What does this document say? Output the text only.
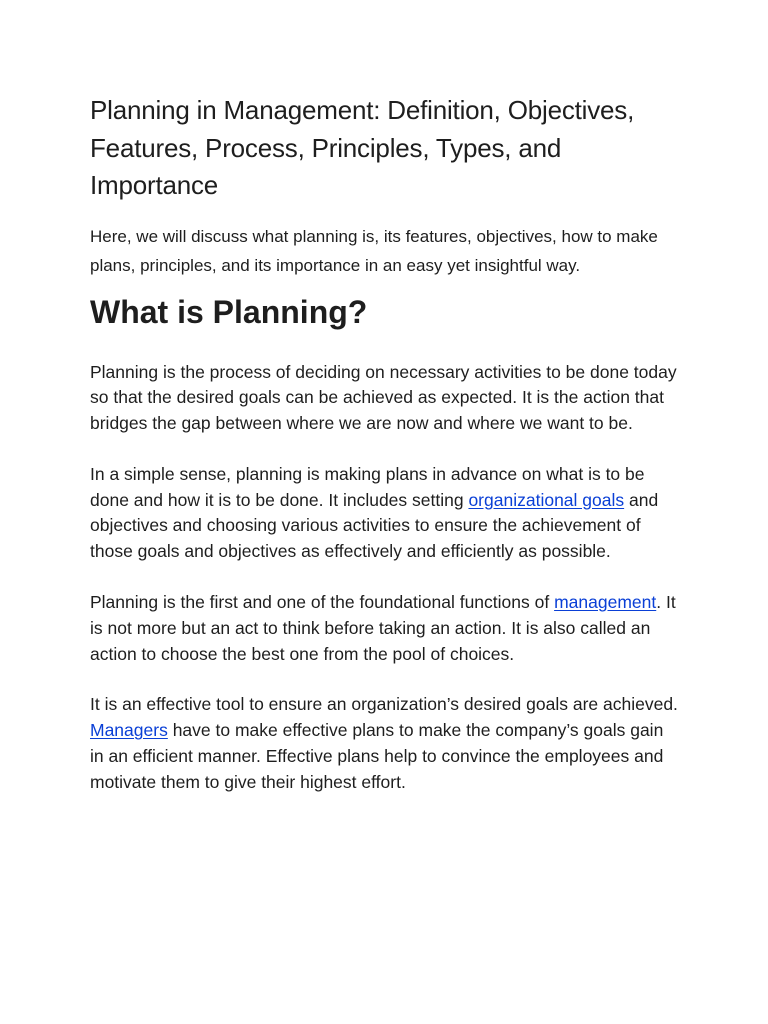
Planning in Management: Definition, Objectives, Features, Process, Principles, Types, and Importance

Here, we will discuss what planning is, its features, objectives, how to make plans, principles, and its importance in an easy yet insightful way.

What is Planning?

Planning is the process of deciding on necessary activities to be done today so that the desired goals can be achieved as expected. It is the action that bridges the gap between where we are now and where we want to be.

In a simple sense, planning is making plans in advance on what is to be done and how it is to be done. It includes setting organizational goals and objectives and choosing various activities to ensure the achievement of those goals and objectives as effectively and efficiently as possible.

Planning is the first and one of the foundational functions of management. It is not more but an act to think before taking an action. It is also called an action to choose the best one from the pool of choices.

It is an effective tool to ensure an organization’s desired goals are achieved. Managers have to make effective plans to make the company’s goals gain in an efficient manner. Effective plans help to convince the employees and motivate them to give their highest effort.
